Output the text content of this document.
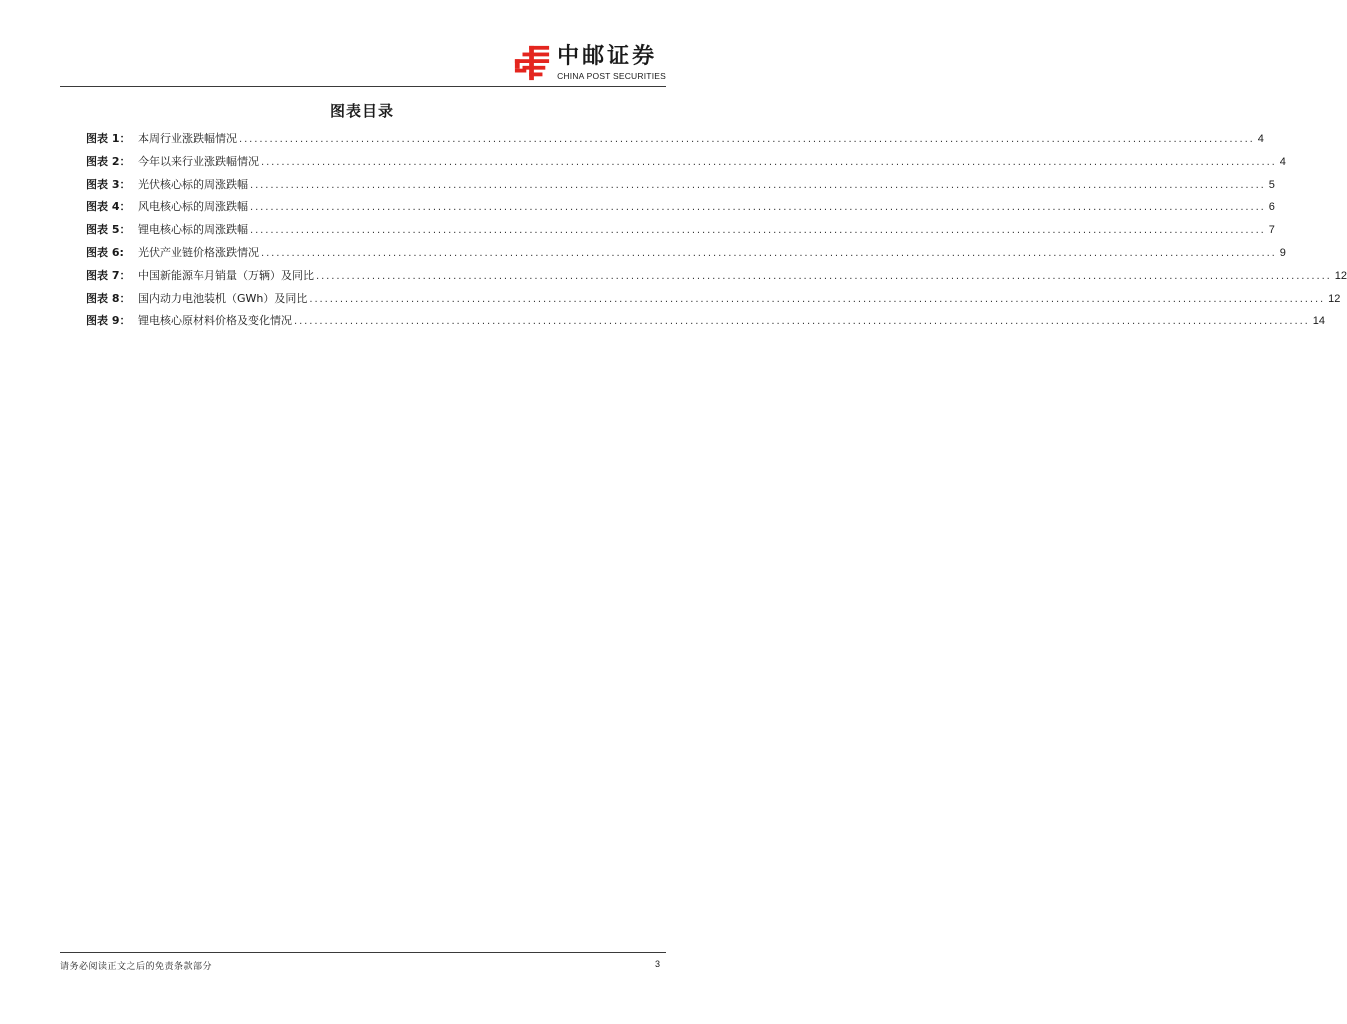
中邮证券
CHINA POST SECURITIES
图表目录
图表 1： 本周行业涨跌幅情况 ........................................................................................................................................................................................................ 4
图表 2： 今年以来行业涨跌幅情况 ........................................................................................................................................................................................................ 4
图表 3： 光伏核心标的周涨跌幅 ........................................................................................................................................................................................................ 5
图表 4： 风电核心标的周涨跌幅 ........................................................................................................................................................................................................ 6
图表 5： 锂电核心标的周涨跌幅 ........................................................................................................................................................................................................ 7
图表 6:	光伏产业链价格涨跌情况 ........................................................................................................................................................................................................ 9
图表 7： 中国新能源车月销量（万辆）及同比 ........................................................................................................................................................................................................ 12
图表 8： 国内动力电池装机（GWh）及同比 ........................................................................................................................................................................................................ 12
图表 9： 锂电核心原材料价格及变化情况 ........................................................................................................................................................................................................ 14
请务必阅读正文之后的免责条款部分	3
